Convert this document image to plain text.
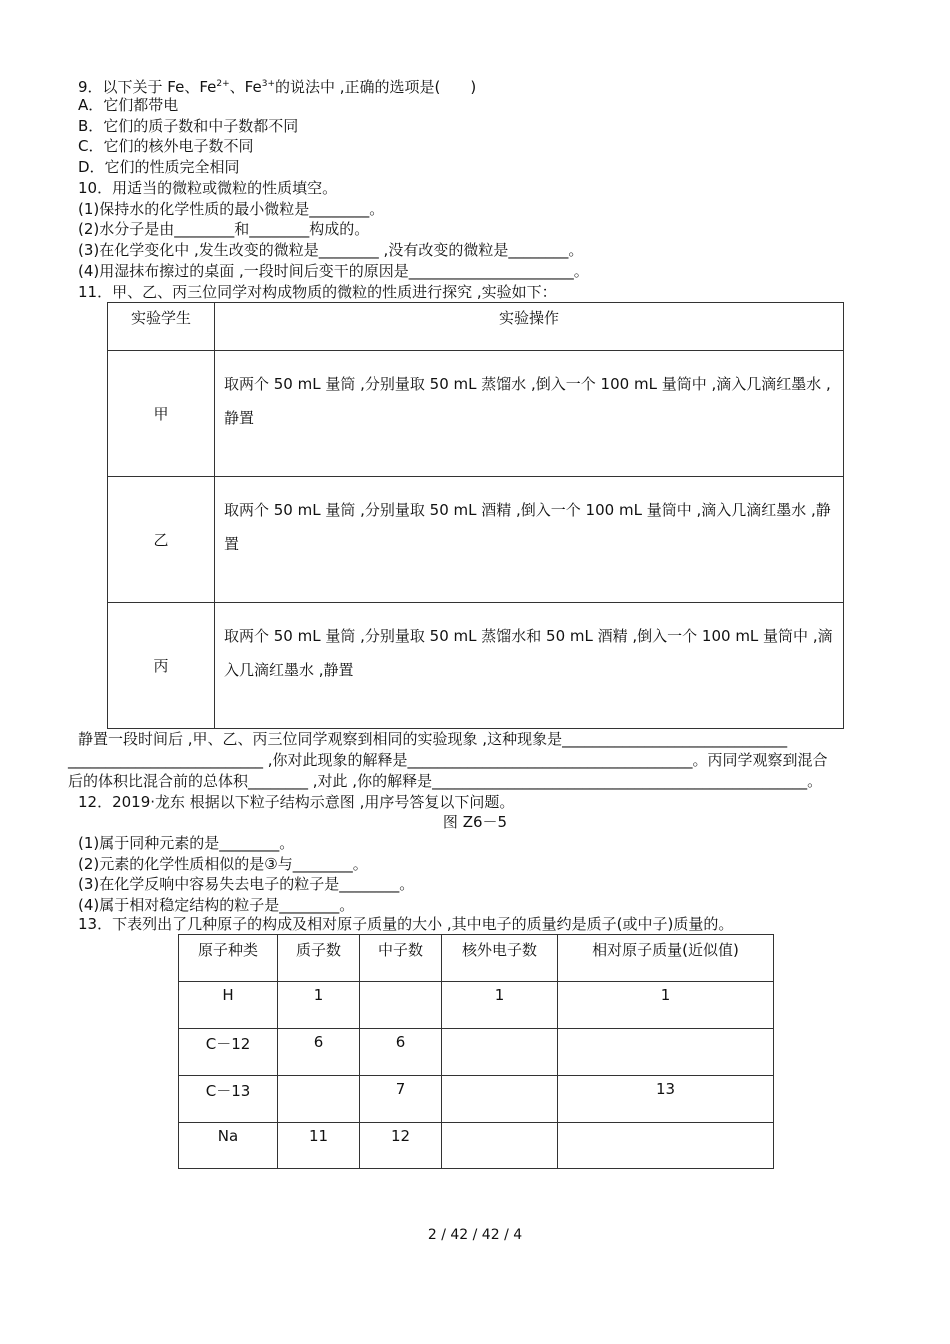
9．以下关于 Fe、$Fe^{2+}$、$Fe^{3+}$的说法中 ,正确的选项是(　　)
A．它们都带电
B．它们的质子数和中子数都不同
C．它们的核外电子数不同
D．它们的性质完全相同
10．用适当的微粒或微粒的性质填空。
(1)保持水的化学性质的最小微粒是________。
(2)水分子是由________和________构成的。
(3)在化学变化中 ,发生改变的微粒是________ ,没有改变的微粒是________。
(4)用湿抹布擦过的桌面 ,一段时间后变干的原因是______________________。
11．甲、乙、丙三位同学对构成物质的微粒的性质进行探究 ,实验如下：
实验学生	实验操作
甲	取两个 50 mL 量筒 ,分别量取 50 mL 蒸馏水 ,倒入一个 100 mL 量筒中 ,滴入几滴红墨水 ,静置
乙	取两个 50 mL 量筒 ,分别量取 50 mL 酒精 ,倒入一个 100 mL 量筒中 ,滴入几滴红墨水 ,静置
丙	取两个 50 mL 量筒 ,分别量取 50 mL 蒸馏水和 50 mL 酒精 ,倒入一个 100 mL 量筒中 ,滴入几滴红墨水 ,静置
静置一段时间后 ,甲、乙、丙三位同学观察到相同的实验现象 ,这种现象是______________________________
__________________________ ,你对此现象的解释是______________________________________。丙同学观察到混合
后的体积比混合前的总体积________ ,对此 ,你的解释是__________________________________________________。
12．2019·龙东 根据以下粒子结构示意图 ,用序号答复以下问题。
图 Z6－5
(1)属于同种元素的是________。
(2)元素的化学性质相似的是③与________。
(3)在化学反响中容易失去电子的粒子是________。
(4)属于相对稳定结构的粒子是________。
13．下表列出了几种原子的构成及相对原子质量的大小 ,其中电子的质量约是质子(或中子)质量的。
原子种类	质子数	中子数	核外电子数	相对原子质量(近似值)
H	1		1	1
C－12	6	6		
C－13		7		13
Na	11	12		
2 / 42 / 42 / 4
